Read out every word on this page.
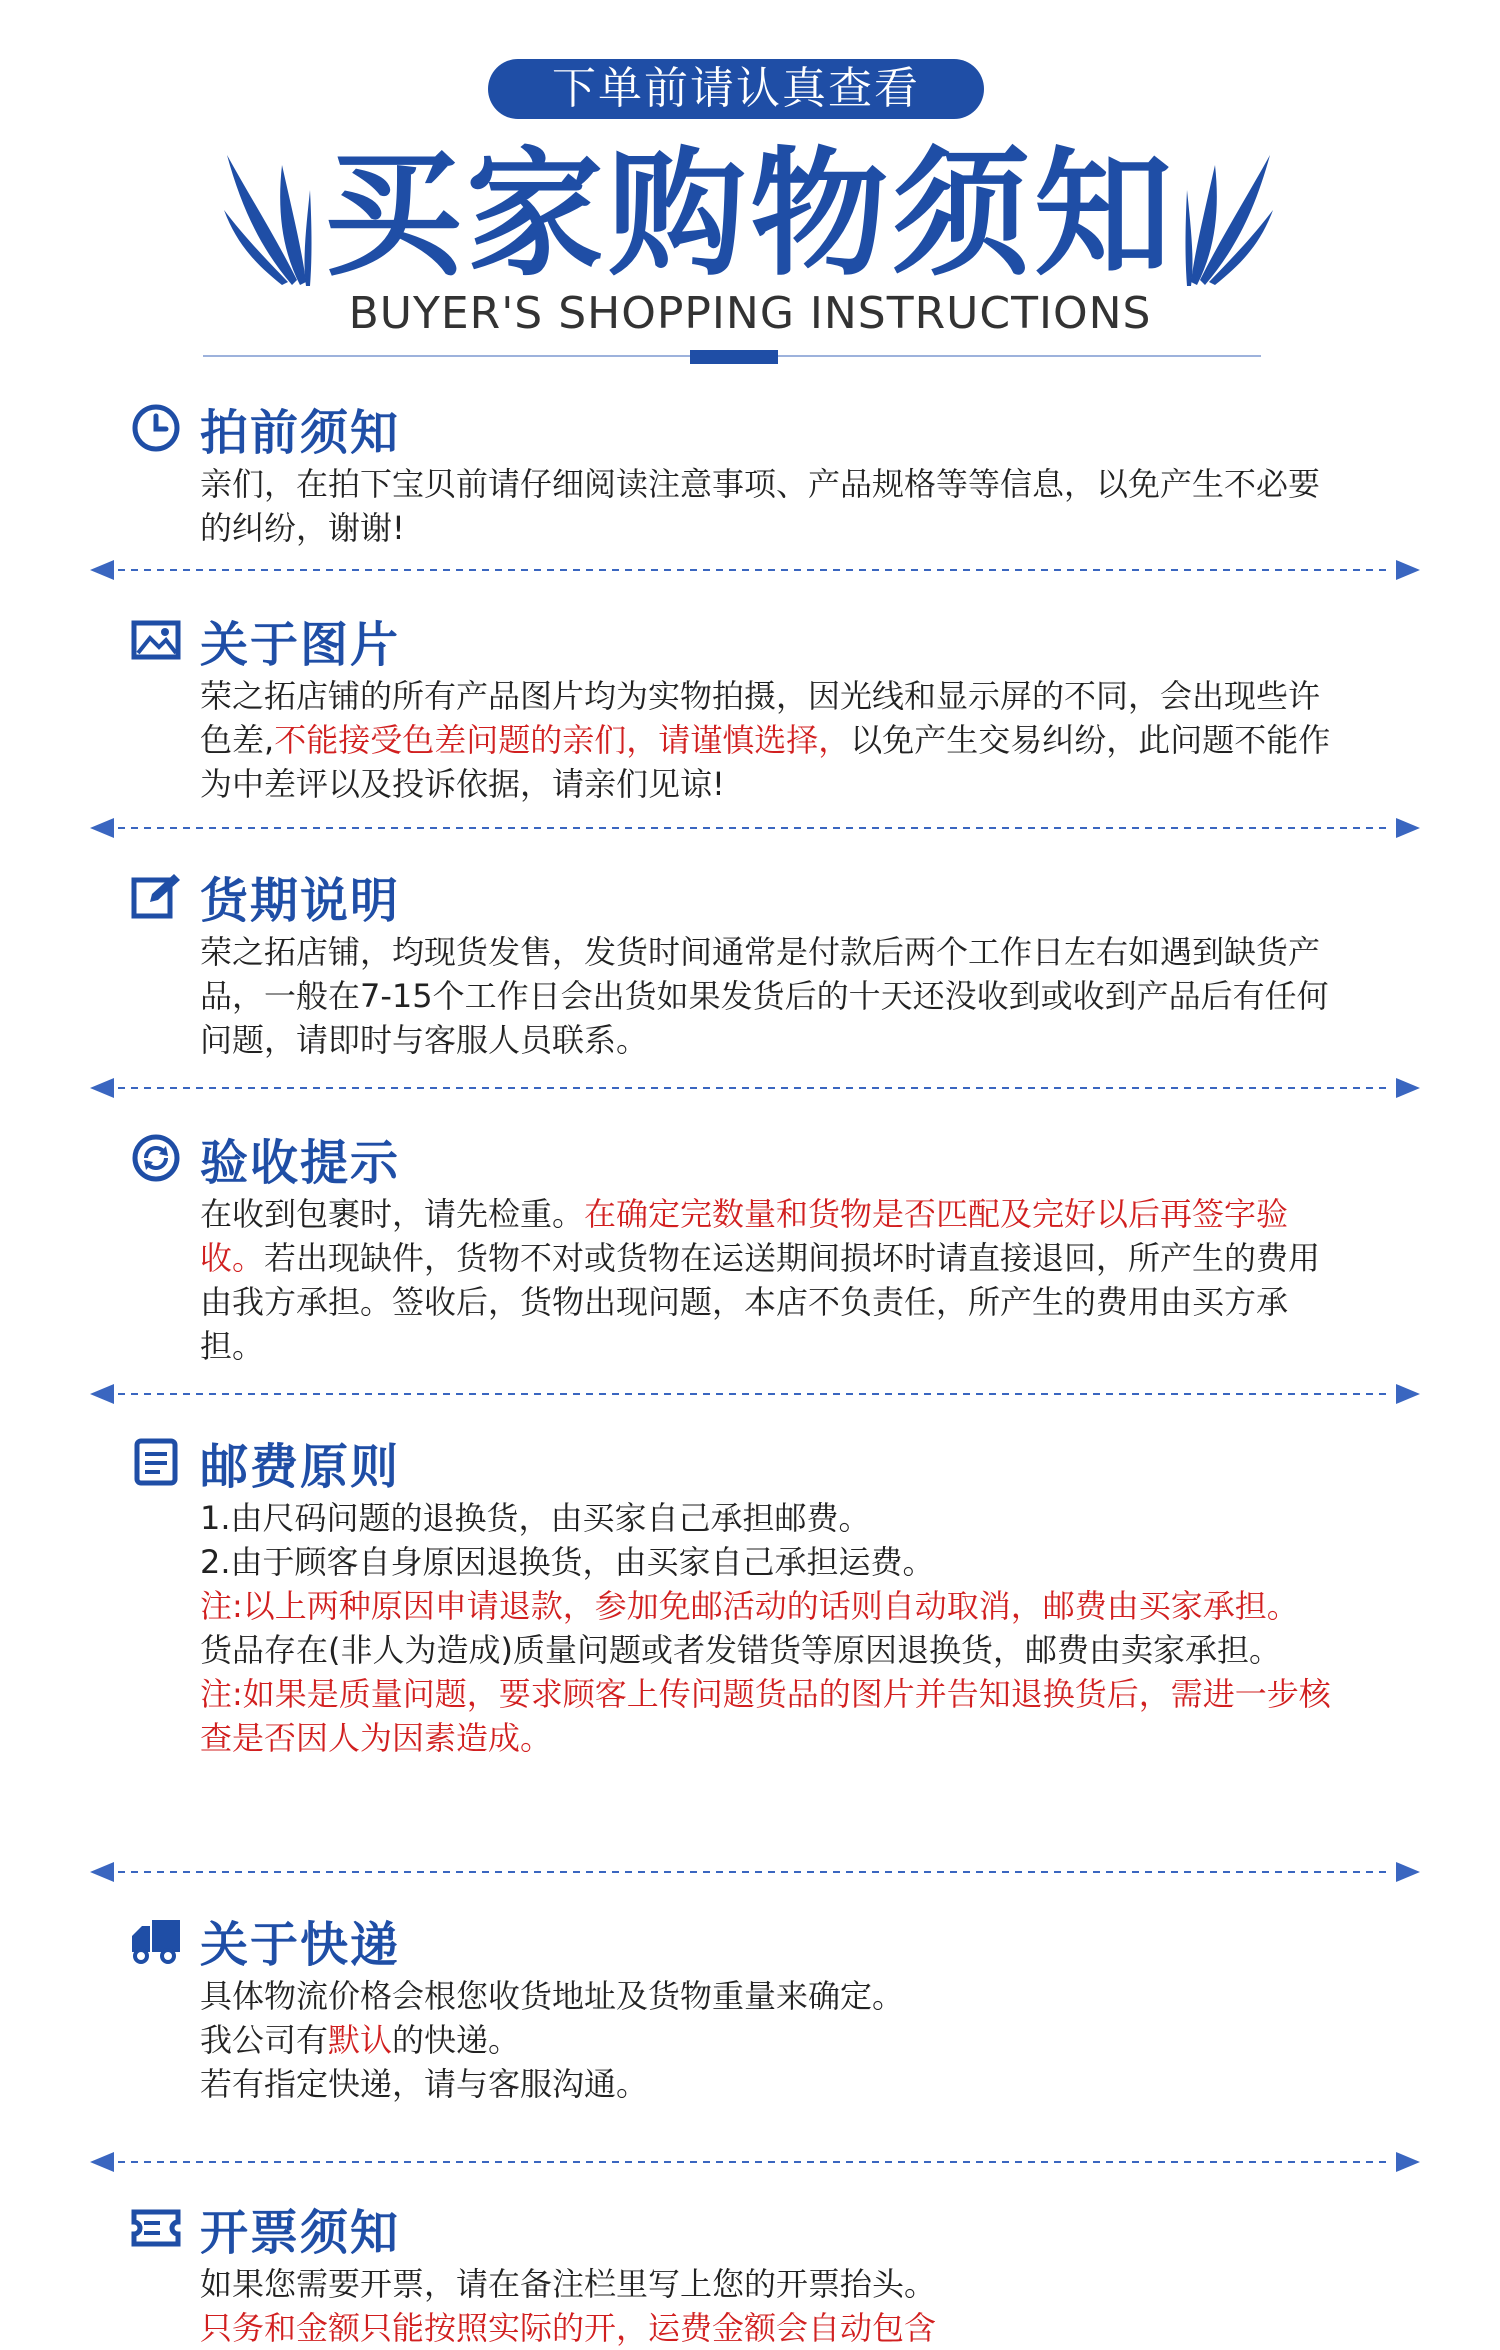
下单前请认真查看
买家购物须知
BUYER'S SHOPPING INSTRUCTIONS
拍前须知

亲们，在拍下宝贝前请仔细阅读注意事项、产品规格等等信息，以免产生不必要的纠纷，谢谢!

关于图片

荣之拓店铺的所有产品图片均为实物拍摄，因光线和显示屏的不同，会出现些许色差,不能接受色差问题的亲们，请谨慎选择，以免产生交易纠纷，此问题不能作为中差评以及投诉依据，请亲们见谅!

货期说明

荣之拓店铺，均现货发售，发货时间通常是付款后两个工作日左右如遇到缺货产品，一般在7-15个工作日会出货如果发货后的十天还没收到或收到产品后有任何问题，请即时与客服人员联系。

验收提示

在收到包裹时，请先检重。在确定完数量和货物是否匹配及完好以后再签字验收。若出现缺件，货物不对或货物在运送期间损坏时请直接退回，所产生的费用由我方承担。签收后，货物出现问题，本店不负责任，所产生的费用由买方承担。

邮费原则

1.由尺码问题的退换货，由买家自己承担邮费。

2.由于顾客自身原因退换货，由买家自己承担运费。

注:以上两种原因申请退款，参加免邮活动的话则自动取消，邮费由买家承担。

货品存在(非人为造成)质量问题或者发错货等原因退换货，邮费由卖家承担。

注:如果是质量问题，要求顾客上传问题货品的图片并告知退换货后，需进一步核查是否因人为因素造成。

关于快递

具体物流价格会根您收货地址及货物重量来确定。

我公司有默认的快递。

若有指定快递，请与客服沟通。

开票须知

如果您需要开票，请在备注栏里写上您的开票抬头。

只务和金额只能按照实际的开，运费金额会自动包含
